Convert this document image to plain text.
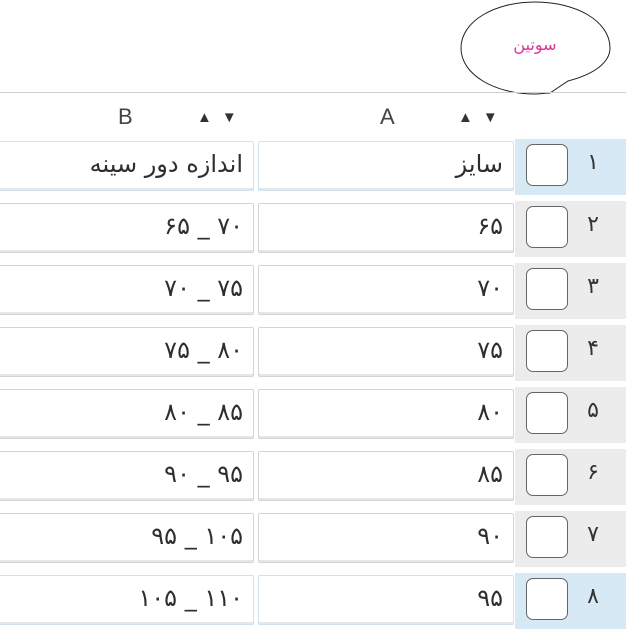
سوتین
A	▲▼
B	▲▼
۱
سایز
اندازه دور سینه
۲
۶۵
۷۰ _ ۶۵
۳
۷۰
۷۵ _ ۷۰
۴
۷۵
۸۰ _ ۷۵
۵
۸۰
۸۵ _ ۸۰
۶
۸۵
۹۵ _ ۹۰
۷
۹۰
۱۰۵ _ ۹۵
۸
۹۵
۱۱۰ _ ۱۰۵
